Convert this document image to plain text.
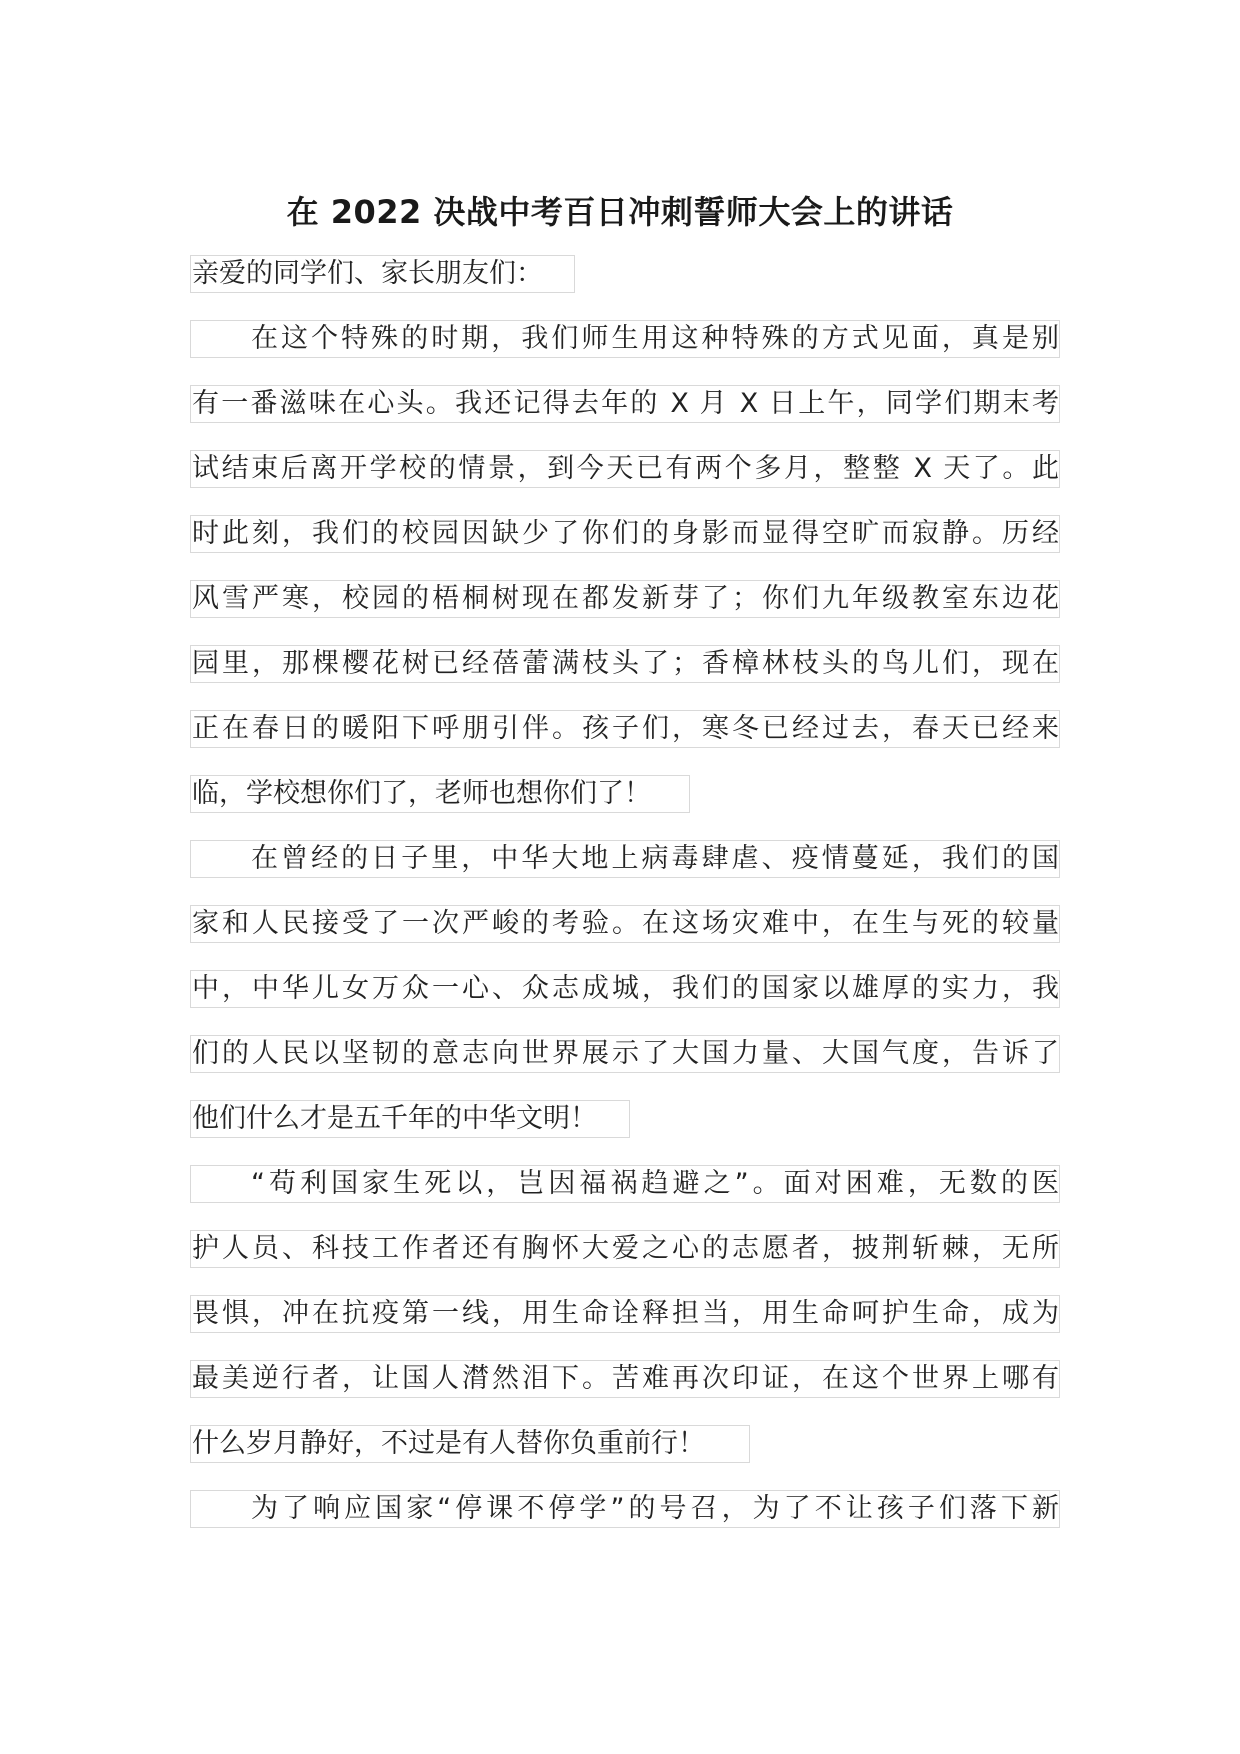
在 2022 决战中考百日冲刺誓师大会上的讲话
亲爱的同学们、家长朋友们：
在这个特殊的时期，我们师生用这种特殊的方式见面，真是别
有一番滋味在心头。我还记得去年的 X 月 X 日上午，同学们期末考
试结束后离开学校的情景，到今天已有两个多月，整整 X 天了。此
时此刻，我们的校园因缺少了你们的身影而显得空旷而寂静。历经
风雪严寒，校园的梧桐树现在都发新芽了；你们九年级教室东边花
园里，那棵樱花树已经蓓蕾满枝头了；香樟林枝头的鸟儿们，现在
正在春日的暖阳下呼朋引伴。孩子们，寒冬已经过去，春天已经来
临，学校想你们了，老师也想你们了！
在曾经的日子里，中华大地上病毒肆虐、疫情蔓延，我们的国
家和人民接受了一次严峻的考验。在这场灾难中，在生与死的较量
中，中华儿女万众一心、众志成城，我们的国家以雄厚的实力，我
们的人民以坚韧的意志向世界展示了大国力量、大国气度，告诉了
他们什么才是五千年的中华文明！
“苟利国家生死以，岂因福祸趋避之”。面对困难，无数的医
护人员、科技工作者还有胸怀大爱之心的志愿者，披荆斩棘，无所
畏惧，冲在抗疫第一线，用生命诠释担当，用生命呵护生命，成为
最美逆行者，让国人潸然泪下。苦难再次印证，在这个世界上哪有
什么岁月静好，不过是有人替你负重前行！
为了响应国家“停课不停学”的号召，为了不让孩子们落下新
